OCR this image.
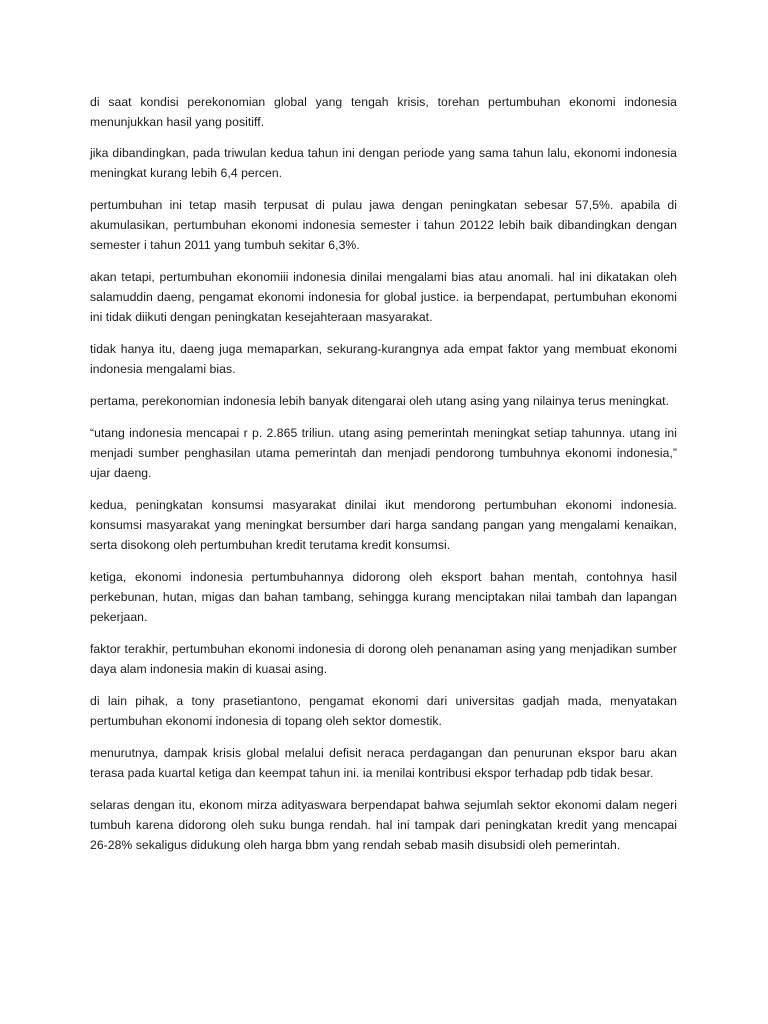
di saat kondisi perekonomian global yang tengah krisis, torehan pertumbuhan ekonomi indonesia menunjukkan hasil yang positiff.

jika dibandingkan, pada triwulan kedua tahun ini dengan periode yang sama tahun lalu, ekonomi indonesia meningkat kurang lebih 6,4 percen.

pertumbuhan ini tetap masih terpusat di pulau jawa dengan peningkatan sebesar 57,5%. apabila di akumulasikan, pertumbuhan ekonomi indonesia semester i tahun 20122 lebih baik dibandingkan dengan semester i tahun 2011 yang tumbuh sekitar 6,3%.

akan tetapi, pertumbuhan ekonomiii indonesia dinilai mengalami bias atau anomali. hal ini dikatakan oleh salamuddin daeng, pengamat ekonomi indonesia for global justice. ia berpendapat, pertumbuhan ekonomi ini tidak diikuti dengan peningkatan kesejahteraan masyarakat.

tidak hanya itu, daeng juga memaparkan, sekurang-kurangnya ada empat faktor yang membuat ekonomi indonesia mengalami bias.

pertama, perekonomian indonesia lebih banyak ditengarai oleh utang asing yang nilainya terus meningkat.

“utang indonesia mencapai r p. 2.865 triliun. utang asing pemerintah meningkat setiap tahunnya. utang ini menjadi sumber penghasilan utama pemerintah dan menjadi pendorong tumbuhnya ekonomi indonesia,” ujar daeng.

kedua, peningkatan konsumsi masyarakat dinilai ikut mendorong pertumbuhan ekonomi indonesia. konsumsi masyarakat yang meningkat bersumber dari harga sandang pangan yang mengalami kenaikan, serta disokong oleh pertumbuhan kredit terutama kredit konsumsi.

ketiga, ekonomi indonesia pertumbuhannya didorong oleh eksport bahan mentah, contohnya hasil perkebunan, hutan, migas dan bahan tambang, sehingga kurang menciptakan nilai tambah dan lapangan pekerjaan.

faktor terakhir, pertumbuhan ekonomi indonesia di dorong oleh penanaman asing yang menjadikan sumber daya alam indonesia makin di kuasai asing.

di lain pihak, a tony prasetiantono, pengamat ekonomi dari universitas gadjah mada, menyatakan pertumbuhan ekonomi indonesia di topang oleh sektor domestik.

menurutnya, dampak krisis global melalui defisit neraca perdagangan dan penurunan ekspor baru akan terasa pada kuartal ketiga dan keempat tahun ini. ia menilai kontribusi ekspor terhadap pdb tidak besar.

selaras dengan itu, ekonom mirza adityaswara berpendapat bahwa sejumlah sektor ekonomi dalam negeri tumbuh karena didorong oleh suku bunga rendah. hal ini tampak dari peningkatan kredit yang mencapai 26-28% sekaligus didukung oleh harga bbm yang rendah sebab masih disubsidi oleh pemerintah.
